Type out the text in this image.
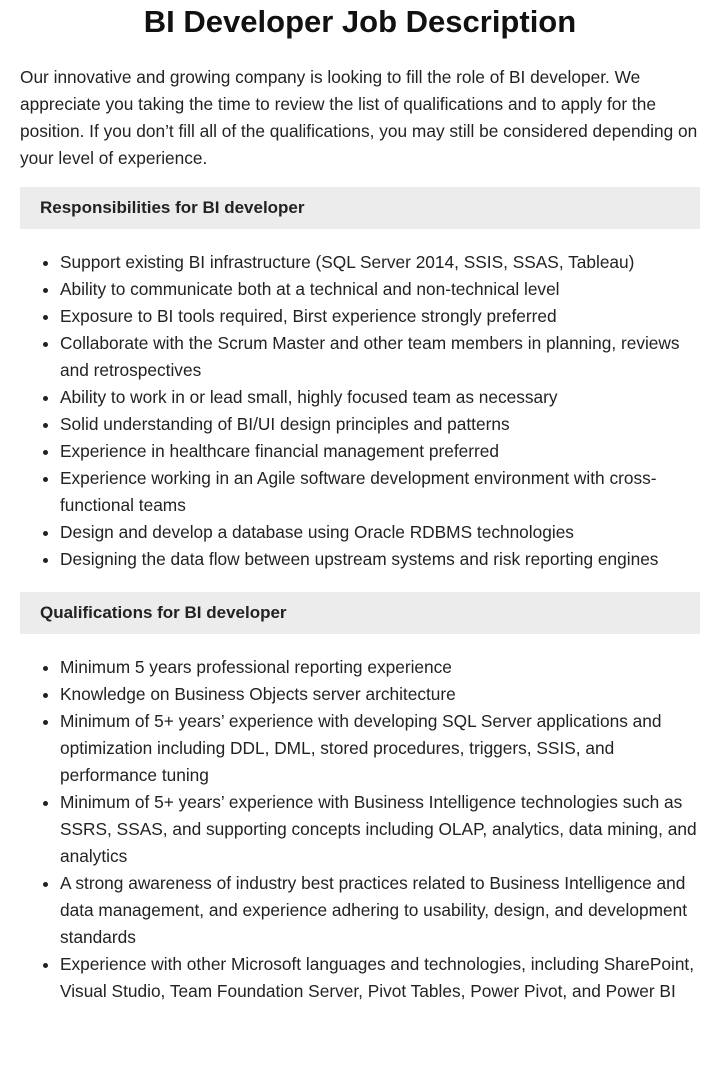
BI Developer Job Description

Our innovative and growing company is looking to fill the role of BI developer. We appreciate you taking the time to review the list of qualifications and to apply for the position. If you don’t fill all of the qualifications, you may still be considered depending on your level of experience.

Responsibilities for BI developer
• Support existing BI infrastructure (SQL Server 2014, SSIS, SSAS, Tableau)
• Ability to communicate both at a technical and non-technical level
• Exposure to BI tools required, Birst experience strongly preferred
• Collaborate with the Scrum Master and other team members in planning, reviews and retrospectives
• Ability to work in or lead small, highly focused team as necessary
• Solid understanding of BI/UI design principles and patterns
• Experience in healthcare financial management preferred
• Experience working in an Agile software development environment with cross-functional teams
• Design and develop a database using Oracle RDBMS technologies
• Designing the data flow between upstream systems and risk reporting engines
Qualifications for BI developer
• Minimum 5 years professional reporting experience
• Knowledge on Business Objects server architecture
• Minimum of 5+ years’ experience with developing SQL Server applications and optimization including DDL, DML, stored procedures, triggers, SSIS, and performance tuning
• Minimum of 5+ years’ experience with Business Intelligence technologies such as SSRS, SSAS, and supporting concepts including OLAP, analytics, data mining, and analytics
• A strong awareness of industry best practices related to Business Intelligence and data management, and experience adhering to usability, design, and development standards
• Experience with other Microsoft languages and technologies, including SharePoint, Visual Studio, Team Foundation Server, Pivot Tables, Power Pivot, and Power BI
